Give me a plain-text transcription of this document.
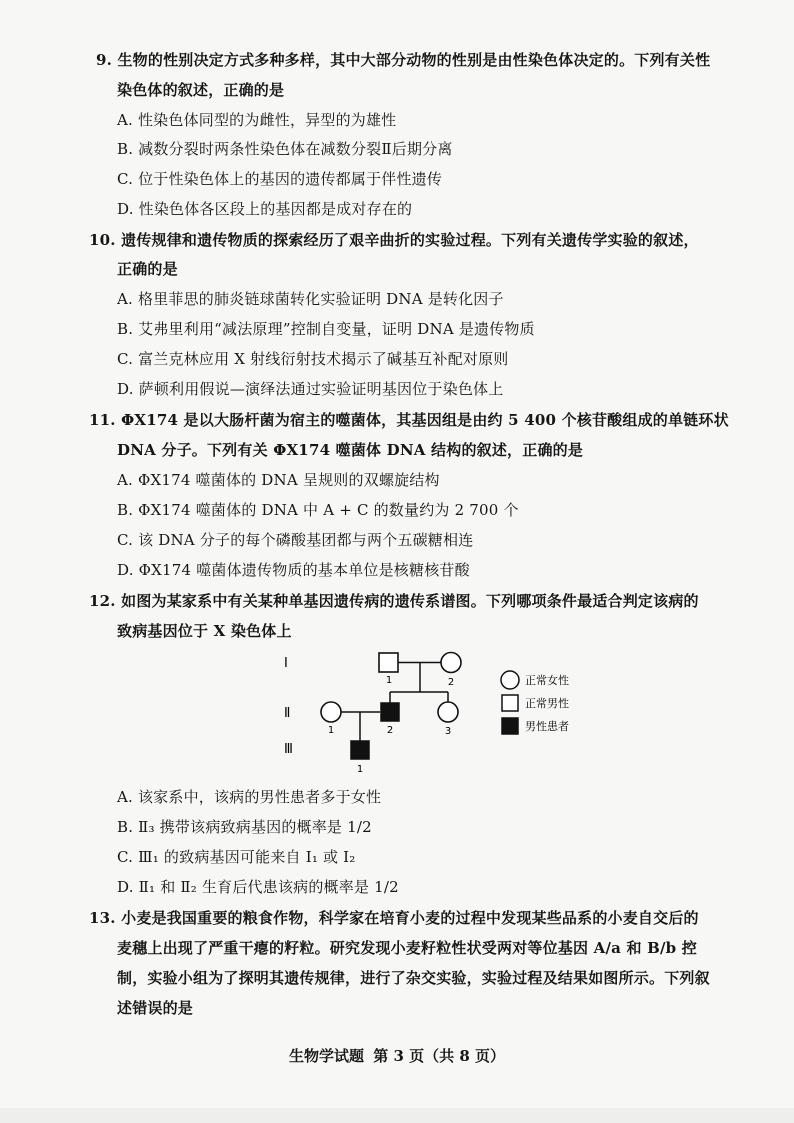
9. 生物的性别决定方式多种多样，其中大部分动物的性别是由性染色体决定的。下列有关性
染色体的叙述，正确的是
A. 性染色体同型的为雌性，异型的为雄性
B. 减数分裂时两条性染色体在减数分裂Ⅱ后期分离
C. 位于性染色体上的基因的遗传都属于伴性遗传
D. 性染色体各区段上的基因都是成对存在的
10. 遗传规律和遗传物质的探索经历了艰辛曲折的实验过程。下列有关遗传学实验的叙述，
正确的是
A. 格里菲思的肺炎链球菌转化实验证明 DNA 是转化因子
B. 艾弗里利用“减法原理”控制自变量，证明 DNA 是遗传物质
C. 富兰克林应用 X 射线衍射技术揭示了碱基互补配对原则
D. 萨顿利用假说—演绎法通过实验证明基因位于染色体上
11. ΦX174 是以大肠杆菌为宿主的噬菌体，其基因组是由约 5 400 个核苷酸组成的单链环状
DNA 分子。下列有关 ΦX174 噬菌体 DNA 结构的叙述，正确的是
A. ΦX174 噬菌体的 DNA 呈规则的双螺旋结构
B. ΦX174 噬菌体的 DNA 中 A + C 的数量约为 2 700 个
C. 该 DNA 分子的每个磷酸基团都与两个五碳糖相连
D. ΦX174 噬菌体遗传物质的基本单位是核糖核苷酸
12. 如图为某家系中有关某种单基因遗传病的遗传系谱图。下列哪项条件最适合判定该病的
致病基因位于 X 染色体上
Ⅰ
Ⅱ
Ⅲ
1	2
1	2	3
1
正常女性
正常男性
男性患者
A. 该家系中，该病的男性患者多于女性
B. Ⅱ₃ 携带该病致病基因的概率是 1/2
C. Ⅲ₁ 的致病基因可能来自 Ⅰ₁ 或 Ⅰ₂
D. Ⅱ₁ 和 Ⅱ₂ 生育后代患该病的概率是 1/2
13. 小麦是我国重要的粮食作物，科学家在培育小麦的过程中发现某些品系的小麦自交后的
麦穗上出现了严重干瘪的籽粒。研究发现小麦籽粒性状受两对等位基因 A/a 和 B/b 控
制，实验小组为了探明其遗传规律，进行了杂交实验，实验过程及结果如图所示。下列叙
述错误的是
生物学试题 第 3 页（共 8 页）
